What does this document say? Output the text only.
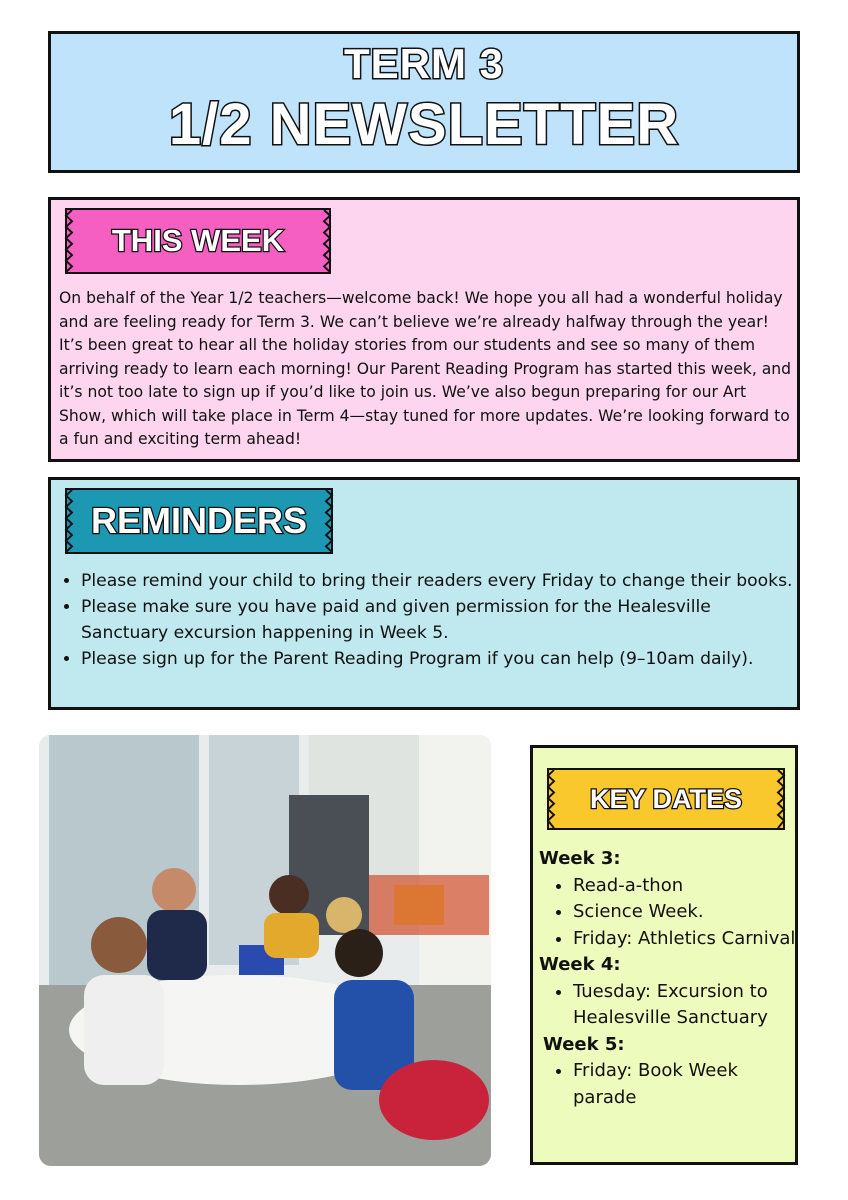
TERM 3
1/2 NEWSLETTER
THIS WEEK

On behalf of the Year 1/2 teachers—welcome back! We hope you all had a wonderful holiday and are feeling ready for Term 3. We can’t believe we’re already halfway through the year! It’s been great to hear all the holiday stories from our students and see so many of them arriving ready to learn each morning! Our Parent Reading Program has started this week, and it’s not too late to sign up if you’d like to join us. We’ve also begun preparing for our Art Show, which will take place in Term 4—stay tuned for more updates. We’re looking forward to a fun and exciting term ahead!

REMINDERS
• Please remind your child to bring their readers every Friday to change their books.
• Please make sure you have paid and given permission for the Healesville Sanctuary excursion happening in Week 5.
• Please sign up for the Parent Reading Program if you can help (9–10am daily).
KEY DATES
Week 3:
• Read-a-thon
• Science Week.
• Friday: Athletics Carnival
Week 4:
• Tuesday: Excursion to Healesville Sanctuary
Week 5:
• Friday: Book Week parade
